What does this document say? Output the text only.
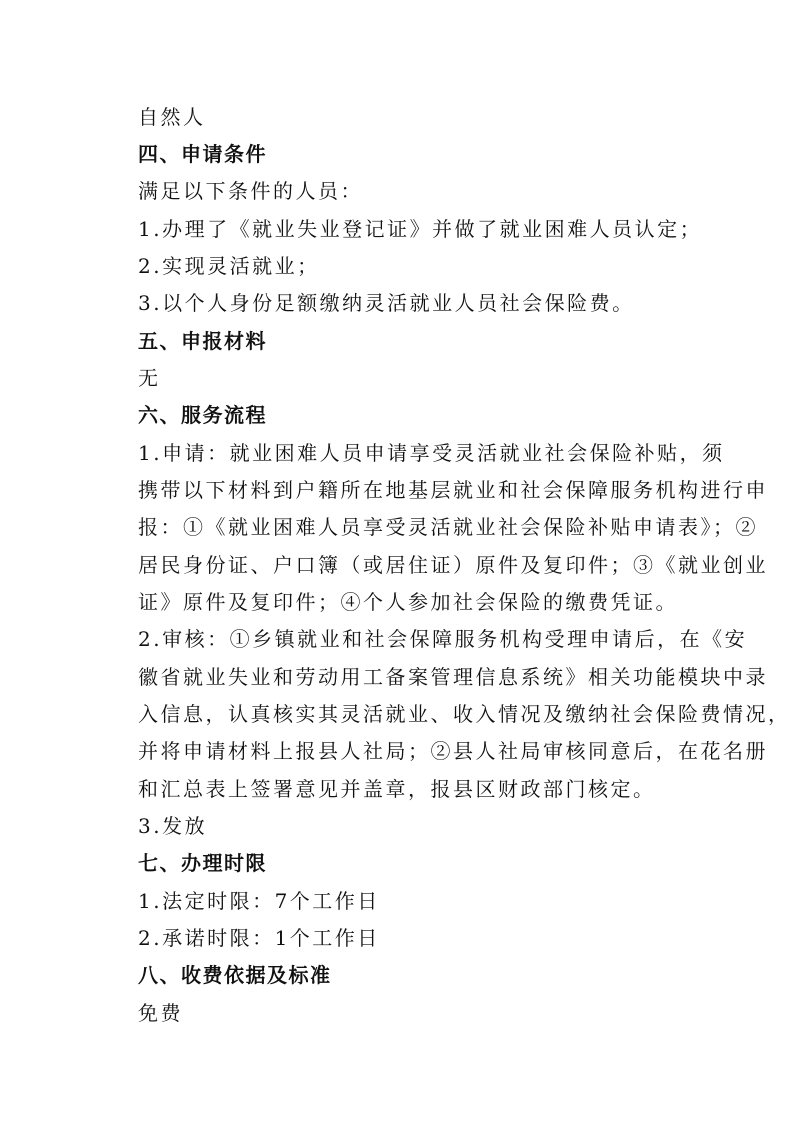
自然人
四、申请条件
满足以下条件的人员：
1.办理了《就业失业登记证》并做了就业困难人员认定；
2.实现灵活就业；
3.以个人身份足额缴纳灵活就业人员社会保险费。
五、申报材料
无
六、服务流程
1.申请：就业困难人员申请享受灵活就业社会保险补贴，须
携带以下材料到户籍所在地基层就业和社会保障服务机构进行申
报：①《就业困难人员享受灵活就业社会保险补贴申请表》；②
居民身份证、户口簿（或居住证）原件及复印件；③《就业创业
证》原件及复印件；④个人参加社会保险的缴费凭证。
2.审核：①乡镇就业和社会保障服务机构受理申请后，在《安
徽省就业失业和劳动用工备案管理信息系统》相关功能模块中录
入信息，认真核实其灵活就业、收入情况及缴纳社会保险费情况，
并将申请材料上报县人社局；②县人社局审核同意后，在花名册
和汇总表上签署意见并盖章，报县区财政部门核定。
3.发放
七、办理时限
1.法定时限：7个工作日
2.承诺时限：1个工作日
八、收费依据及标准
免费
